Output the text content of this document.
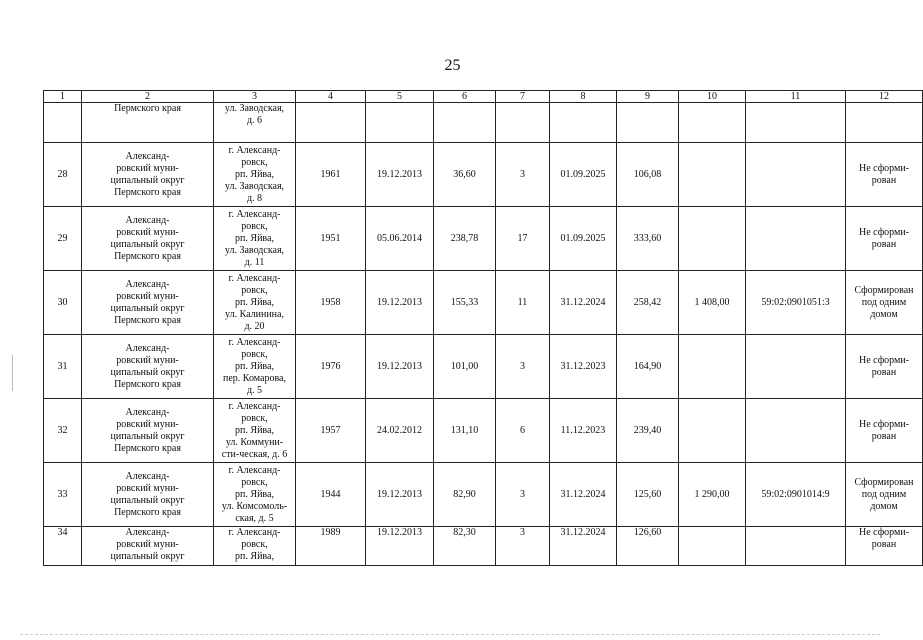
25
1	2	3	4	5	6	7	8	9	10	11	12

	Пермского края	ул. Заводская,
д. 6									

28	Александ-
ровский муни-
ципальный округ
Пермского края	г. Александ-
ровск,
рп. Яйва,
ул. Заводская,
д. 8	1961	19.12.2013	36,60	3	01.09.2025	106,08			Не сформи-
рован

29	Александ-
ровский муни-
ципальный округ
Пермского края	г. Александ-
ровск,
рп. Яйва,
ул. Заводская,
д. 11	1951	05.06.2014	238,78	17	01.09.2025	333,60			Не сформи-
рован

30	Александ-
ровский муни-
ципальный округ
Пермского края	г. Александ-
ровск,
рп. Яйва,
ул. Калинина,
д. 20	1958	19.12.2013	155,33	11	31.12.2024	258,42	1 408,00	59:02:0901051:3	Сформирован
под одним
домом

31	Александ-
ровский муни-
ципальный округ
Пермского края	г. Александ-
ровск,
рп. Яйва,
пер. Комарова,
д. 5	1976	19.12.2013	101,00	3	31.12.2023	164,90			Не сформи-
рован

32	Александ-
ровский муни-
ципальный округ
Пермского края	г. Александ-
ровск,
рп. Яйва,
ул. Коммуни-
сти-ческая, д. 6	1957	24.02.2012	131,10	6	11.12.2023	239,40			Не сформи-
рован

33	Александ-
ровский муни-
ципальный округ
Пермского края	г. Александ-
ровск,
рп. Яйва,
ул. Комсомоль-
ская, д. 5	1944	19.12.2013	82,90	3	31.12.2024	125,60	1 290,00	59:02:0901014:9	Сформирован
под одним
домом

34	Александ-
ровский муни-
ципальный округ	г. Александ-
ровск,
рп. Яйва,	1989	19.12.2013	82,30	3	31.12.2024	126,60			Не сформи-
рован
